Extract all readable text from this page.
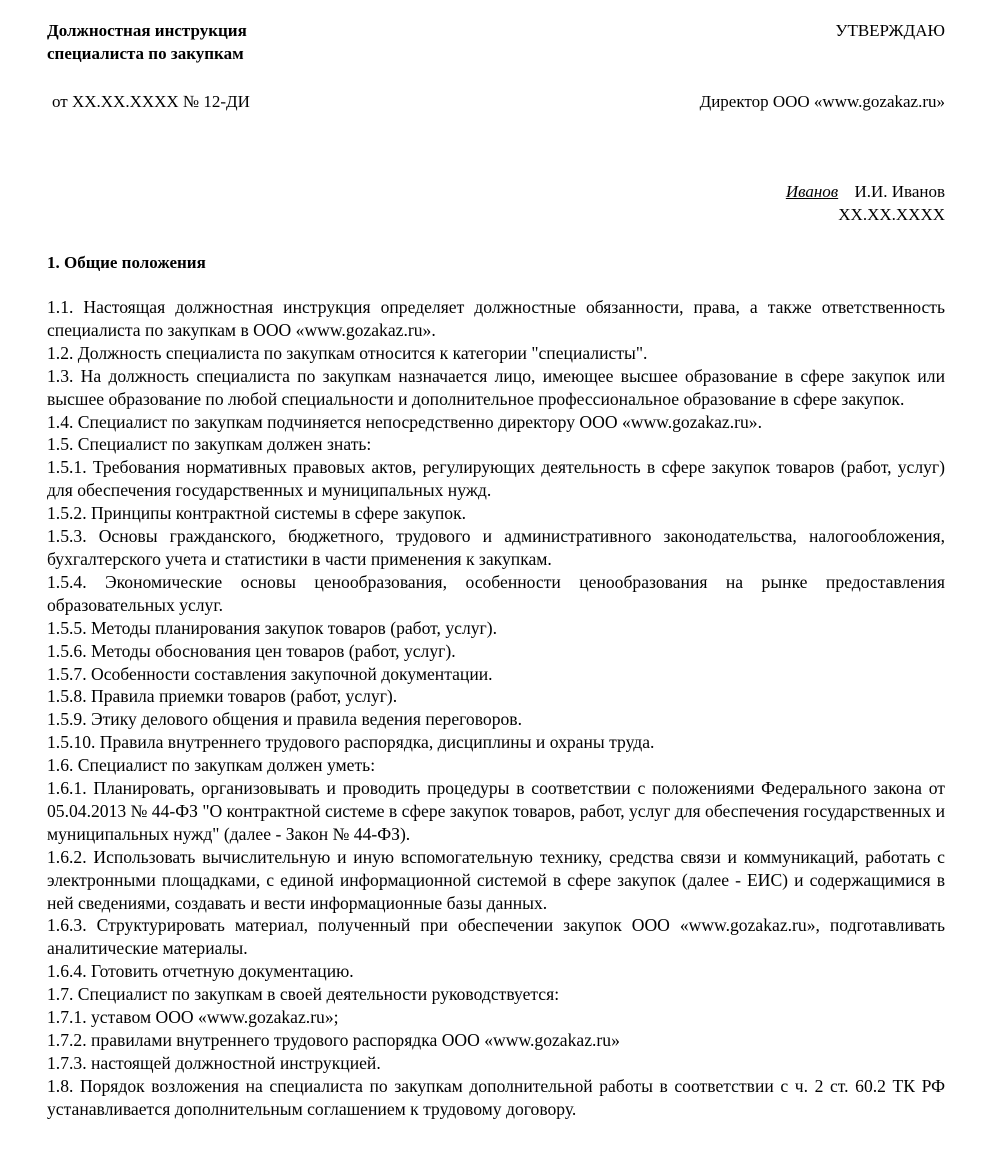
Должностная инструкция
специалиста по закупкам
УТВЕРЖДАЮ
от ХХ.ХХ.ХХХХ № 12-ДИ	Директор ООО «www.gozakaz.ru»
Иванов И.И. Иванов
ХХ.ХХ.ХХХХ
1. Общие положения

1.1. Настоящая должностная инструкция определяет должностные обязанности, права, а также ответственность специалиста по закупкам в ООО «www.gozakaz.ru».

1.2. Должность специалиста по закупкам относится к категории "специалисты".

1.3. На должность специалиста по закупкам назначается лицо, имеющее высшее образование в сфере закупок или высшее образование по любой специальности и дополнительное профессиональное образование в сфере закупок.

1.4. Специалист по закупкам подчиняется непосредственно директору ООО «www.gozakaz.ru».

1.5. Специалист по закупкам должен знать:

1.5.1. Требования нормативных правовых актов, регулирующих деятельность в сфере закупок товаров (работ, услуг) для обеспечения государственных и муниципальных нужд.

1.5.2. Принципы контрактной системы в сфере закупок.

1.5.3. Основы гражданского, бюджетного, трудового и административного законодательства, налогообложения, бухгалтерского учета и статистики в части применения к закупкам.

1.5.4. Экономические основы ценообразования, особенности ценообразования на рынке предоставления образовательных услуг.

1.5.5. Методы планирования закупок товаров (работ, услуг).

1.5.6. Методы обоснования цен товаров (работ, услуг).

1.5.7. Особенности составления закупочной документации.

1.5.8. Правила приемки товаров (работ, услуг).

1.5.9. Этику делового общения и правила ведения переговоров.

1.5.10. Правила внутреннего трудового распорядка, дисциплины и охраны труда.

1.6. Специалист по закупкам должен уметь:

1.6.1. Планировать, организовывать и проводить процедуры в соответствии с положениями Федерального закона от 05.04.2013 № 44-ФЗ "О контрактной системе в сфере закупок товаров, работ, услуг для обеспечения государственных и муниципальных нужд" (далее - Закон № 44-ФЗ).

1.6.2. Использовать вычислительную и иную вспомогательную технику, средства связи и коммуникаций, работать с электронными площадками, с единой информационной системой в сфере закупок (далее - ЕИС) и содержащимися в ней сведениями, создавать и вести информационные базы данных.

1.6.3. Структурировать материал, полученный при обеспечении закупок ООО «www.gozakaz.ru», подготавливать аналитические материалы.

1.6.4. Готовить отчетную документацию.

1.7. Специалист по закупкам в своей деятельности руководствуется:

1.7.1. уставом ООО «www.gozakaz.ru»;

1.7.2. правилами внутреннего трудового распорядка ООО «www.gozakaz.ru»

1.7.3. настоящей должностной инструкцией.

1.8. Порядок возложения на специалиста по закупкам дополнительной работы в соответствии с ч. 2 ст. 60.2 ТК РФ устанавливается дополнительным соглашением к трудовому договору.
